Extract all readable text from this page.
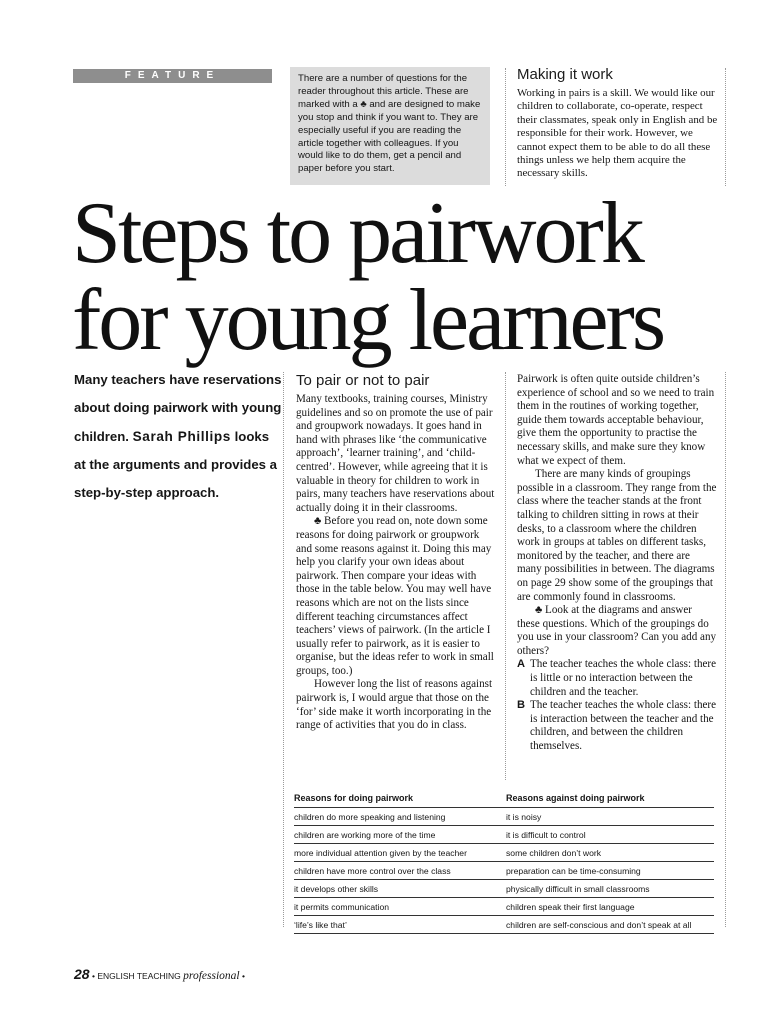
FEATURE	There are a number of questions for the reader throughout this article. These are marked with a ♣ and are designed to make you stop and think if you want to. They are especially useful if you are reading the article together with colleagues. If you would like to do them, get a pencil and paper before you start.
Making it work
Working in pairs is a skill. We would like our children to collaborate, co-operate, respect their classmates, speak only in English and be responsible for their work. However, we cannot expect them to be able to do all these things unless we help them acquire the necessary skills.
Steps to pairwork
for young learners
Many teachers have reservations about doing pairwork with young children. Sarah Phillips looks at the arguments and provides a step-by-step approach.
To pair or not to pair

Many textbooks, training courses, Ministry guidelines and so on promote the use of pair and groupwork nowadays. It goes hand in hand with phrases like ‘the communicative approach’, ‘learner training’, and ‘child-centred’. However, while agreeing that it is valuable in theory for children to work in pairs, many teachers have reservations about actually doing it in their classrooms.

♣ Before you read on, note down some reasons for doing pairwork or groupwork and some reasons against it. Doing this may help you clarify your own ideas about pairwork. Then compare your ideas with those in the table below. You may well have reasons which are not on the lists since different teaching circumstances affect teachers’ views of pairwork. (In the article I usually refer to pairwork, as it is easier to organise, but the ideas refer to work in small groups, too.)

However long the list of reasons against pairwork is, I would argue that those on the ‘for’ side make it worth incorporating in the range of activities that you do in class.

Pairwork is often quite outside children’s experience of school and so we need to train them in the routines of working together, guide them towards acceptable behaviour, give them the opportunity to practise the necessary skills, and make sure they know what we expect of them.

There are many kinds of groupings possible in a classroom. They range from the class where the teacher stands at the front talking to children sitting in rows at their desks, to a classroom where the children work in groups at tables on different tasks, monitored by the teacher, and there are many possibilities in between. The diagrams on page 29 show some of the groupings that are commonly found in classrooms.

♣ Look at the diagrams and answer these questions. Which of the groupings do you use in your classroom? Can you add any others?

A The teacher teaches the whole class: there is little or no interaction between the children and the teacher.
B The teacher teaches the whole class: there is interaction between the teacher and the children, and between the children themselves.
Reasons for doing pairwork	Reasons against doing pairwork
children do more speaking and listening	it is noisy
children are working more of the time	it is difficult to control
more individual attention given by the teacher	some children don’t work
children have more control over the class	preparation can be time-consuming
it develops other skills	physically difficult in small classrooms
it permits communication	children speak their first language
‘life’s like that’	children are self-conscious and don’t speak at all
28 • ENGLISH TEACHING professional •
